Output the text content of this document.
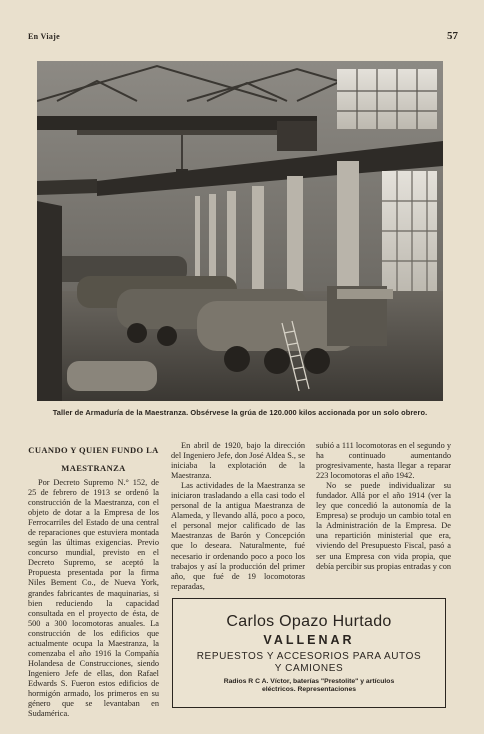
En Viaje	57
Taller de Armaduría de la Maestranza. Obsérvese la grúa de 120.000 kilos accionada por un solo obrero.
CUANDO Y QUIEN FUNDO LA
MAESTRANZA

Por Decreto Supremo N.° 152, de 25 de febrero de 1913 se ordenó la construcción de la Maestranza, con el objeto de dotar a la Empresa de los Ferrocarriles del Estado de una central de reparaciones que estuviera montada según las últimas exigencias. Previo concurso mundial, previsto en el Decreto Supremo, se aceptó la Propuesta presentada por la firma Niles Bement Co., de Nueva York, grandes fabricantes de maquinarias, si bien reduciendo la capacidad consultada en el proyecto de ésta, de 500 a 300 locomotoras anuales. La construcción de los edificios que actualmente ocupa la Maestranza, la comenzaba el año 1916 la Compañía Holandesa de Construcciones, siendo Ingeniero Jefe de ellas, don Rafael Edwards S. Fueron estos edificios de hormigón armado, los primeros en su género que se levantaban en Sudamérica.

En abril de 1920, bajo la dirección del Ingeniero Jefe, don José Aldea S., se iniciaba la explotación de la Maestranza.

Las actividades de la Maestranza se iniciaron trasladando a ella casi todo el personal de la antigua Maestranza de Alameda, y llevando allá, poco a poco, el personal mejor calificado de las Maestranzas de Barón y Concepción que lo deseara. Naturalmente, fué necesario ir ordenando poco a poco los trabajos y así la producción del primer año, que fué de 19 locomotoras reparadas,

subió a 111 locomotoras en el segundo y ha continuado aumentando progresivamente, hasta llegar a reparar 223 locomotoras el año 1942.

No se puede individualizar su fundador. Allá por el año 1914 (ver la ley que concedió la autonomía de la Empresa) se produjo un cambio total en la Administración de la Empresa. De una repartición ministerial que era, viviendo del Presupuesto Fiscal, pasó a ser una Empresa con vida propia, que debía percibir sus propias entradas y con

Carlos Opazo Hurtado
VALLENAR
REPUESTOS Y ACCESORIOS PARA AUTOS
Y CAMIONES
Radios R C A. Víctor, baterías "Prestolite" y artículos
eléctricos. Representaciones
